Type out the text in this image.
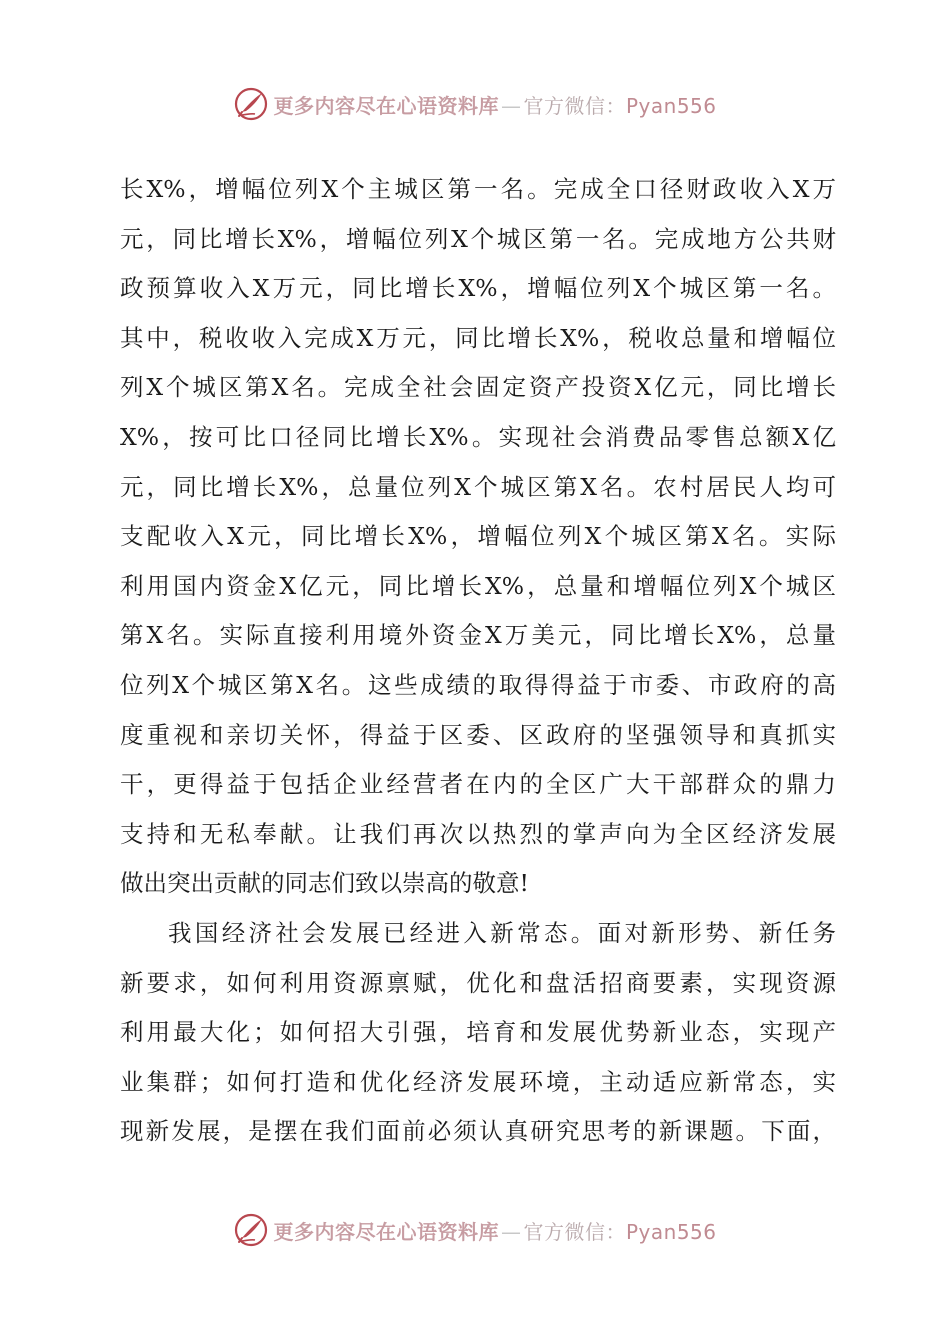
更多内容尽在心语资料库 — 官方微信：Pyan556
长X%，增幅位列X个主城区第一名。完成全口径财政收入X万
元，同比增长X%，增幅位列X个城区第一名。完成地方公共财
政预算收入X万元，同比增长X%，增幅位列X个城区第一名。
其中，税收收入完成X万元，同比增长X%，税收总量和增幅位
列X个城区第X名。完成全社会固定资产投资X亿元，同比增长
X%，按可比口径同比增长X%。实现社会消费品零售总额X亿
元，同比增长X%，总量位列X个城区第X名。农村居民人均可
支配收入X元，同比增长X%，增幅位列X个城区第X名。实际
利用国内资金X亿元，同比增长X%，总量和增幅位列X个城区
第X名。实际直接利用境外资金X万美元，同比增长X%，总量
位列X个城区第X名。这些成绩的取得得益于市委、市政府的高
度重视和亲切关怀，得益于区委、区政府的坚强领导和真抓实
干，更得益于包括企业经营者在内的全区广大干部群众的鼎力
支持和无私奉献。让我们再次以热烈的掌声向为全区经济发展
做出突出贡献的同志们致以崇高的敬意!
我国经济社会发展已经进入新常态。面对新形势、新任务
新要求，如何利用资源禀赋，优化和盘活招商要素，实现资源
利用最大化；如何招大引强，培育和发展优势新业态，实现产
业集群；如何打造和优化经济发展环境，主动适应新常态，实
现新发展，是摆在我们面前必须认真研究思考的新课题。下面，
更多内容尽在心语资料库 — 官方微信：Pyan556
